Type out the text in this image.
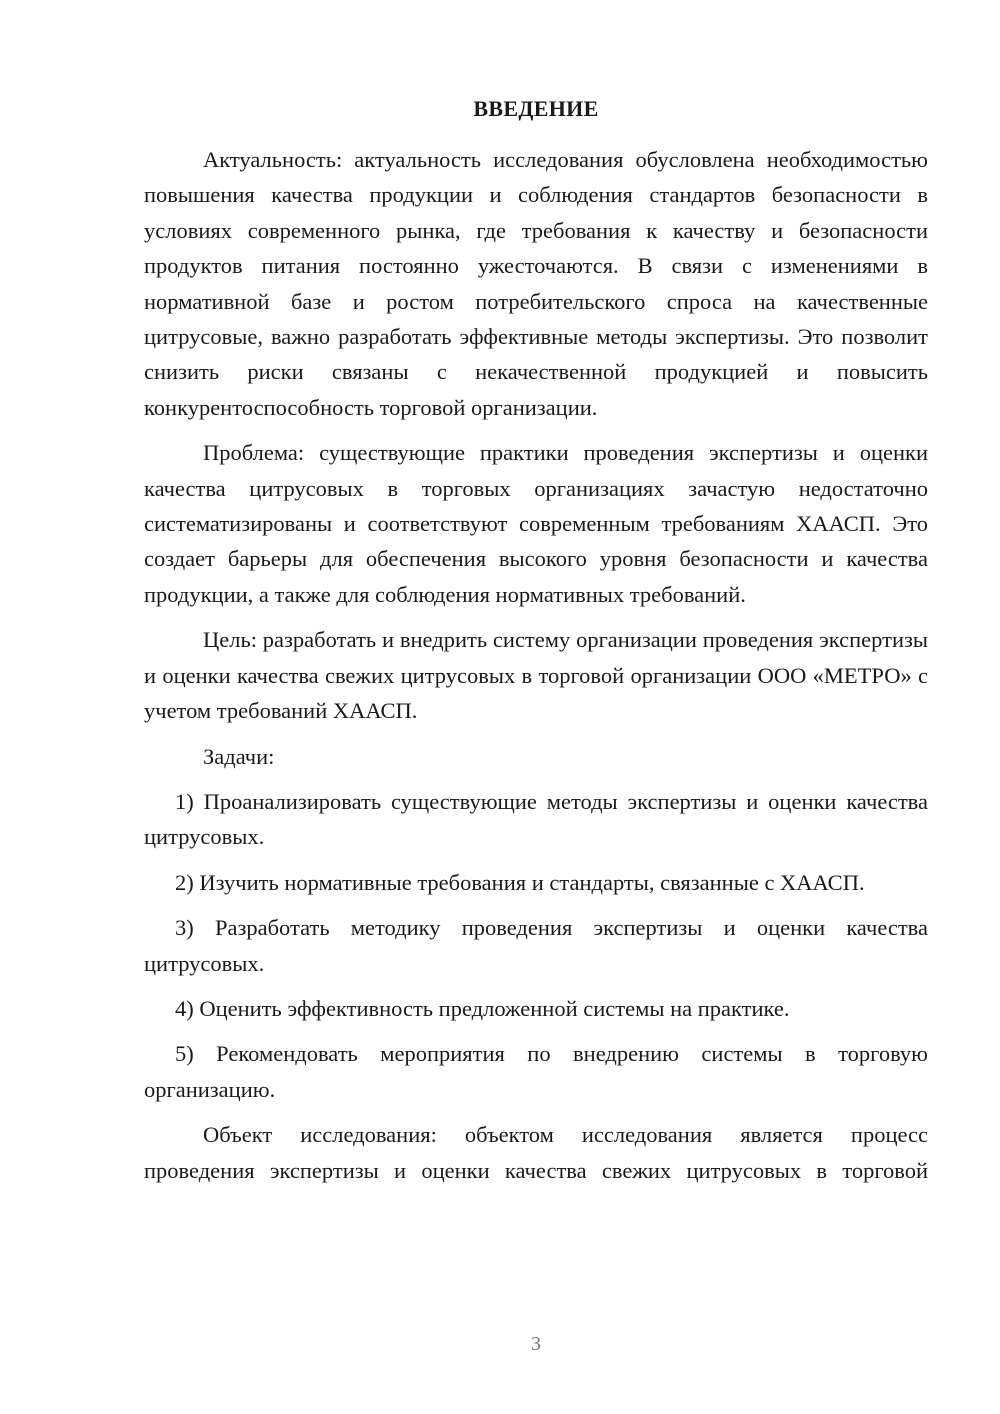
ВВЕДЕНИЕ

Актуальность: актуальность исследования обусловлена необходимостью повышения качества продукции и соблюдения стандартов безопасности в условиях современного рынка, где требования к качеству и безопасности продуктов питания постоянно ужесточаются. В связи с изменениями в нормативной базе и ростом потребительского спроса на качественные цитрусовые, важно разработать эффективные методы экспертизы. Это позволит снизить риски связаны с некачественной продукцией и повысить конкурентоспособность торговой организации.

Проблема: существующие практики проведения экспертизы и оценки качества цитрусовых в торговых организациях зачастую недостаточно систематизированы и соответствуют современным требованиям ХААСП. Это создает барьеры для обеспечения высокого уровня безопасности и качества продукции, а также для соблюдения нормативных требований.

Цель: разработать и внедрить систему организации проведения экспертизы и оценки качества свежих цитрусовых в торговой организации ООО «МЕТРО» с учетом требований ХААСП.

Задачи:

1) Проанализировать существующие методы экспертизы и оценки качества цитрусовых.

2) Изучить нормативные требования и стандарты, связанные с ХААСП.

3) Разработать методику проведения экспертизы и оценки качества цитрусовых.

4) Оценить эффективность предложенной системы на практике.

5) Рекомендовать мероприятия по внедрению системы в торговую организацию.

Объект исследования: объектом исследования является процесс проведения экспертизы и оценки качества свежих цитрусовых в торговой

3
